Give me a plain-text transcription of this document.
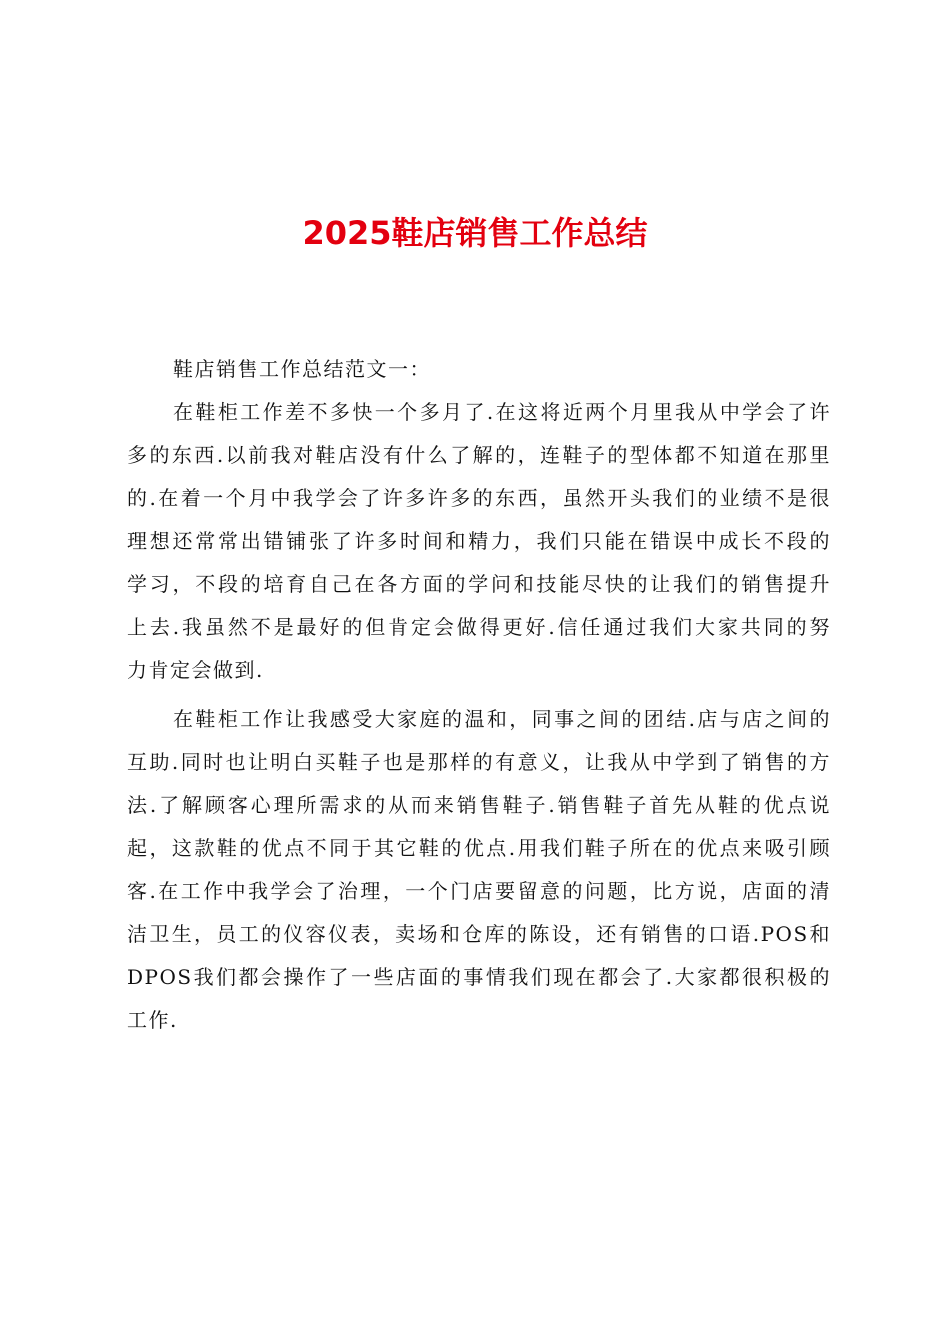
2025鞋店销售工作总结
鞋店销售工作总结范文一：
在鞋柜工作差不多快一个多月了.在这将近两个月里我从中学会了许
多的东西.以前我对鞋店没有什么了解的，连鞋子的型体都不知道在那里
的.在着一个月中我学会了许多许多的东西，虽然开头我们的业绩不是很
理想还常常出错铺张了许多时间和精力，我们只能在错误中成长不段的
学习，不段的培育自己在各方面的学问和技能尽快的让我们的销售提升
上去.我虽然不是最好的但肯定会做得更好.信任通过我们大家共同的努
力肯定会做到.
在鞋柜工作让我感受大家庭的温和，同事之间的团结.店与店之间的
互助.同时也让明白买鞋子也是那样的有意义，让我从中学到了销售的方
法.了解顾客心理所需求的从而来销售鞋子.销售鞋子首先从鞋的优点说
起，这款鞋的优点不同于其它鞋的优点.用我们鞋子所在的优点来吸引顾
客.在工作中我学会了治理，一个门店要留意的问题，比方说，店面的清
洁卫生，员工的仪容仪表，卖场和仓库的陈设，还有销售的口语.POS和
DPOS我们都会操作了一些店面的事情我们现在都会了.大家都很积极的
工作.
